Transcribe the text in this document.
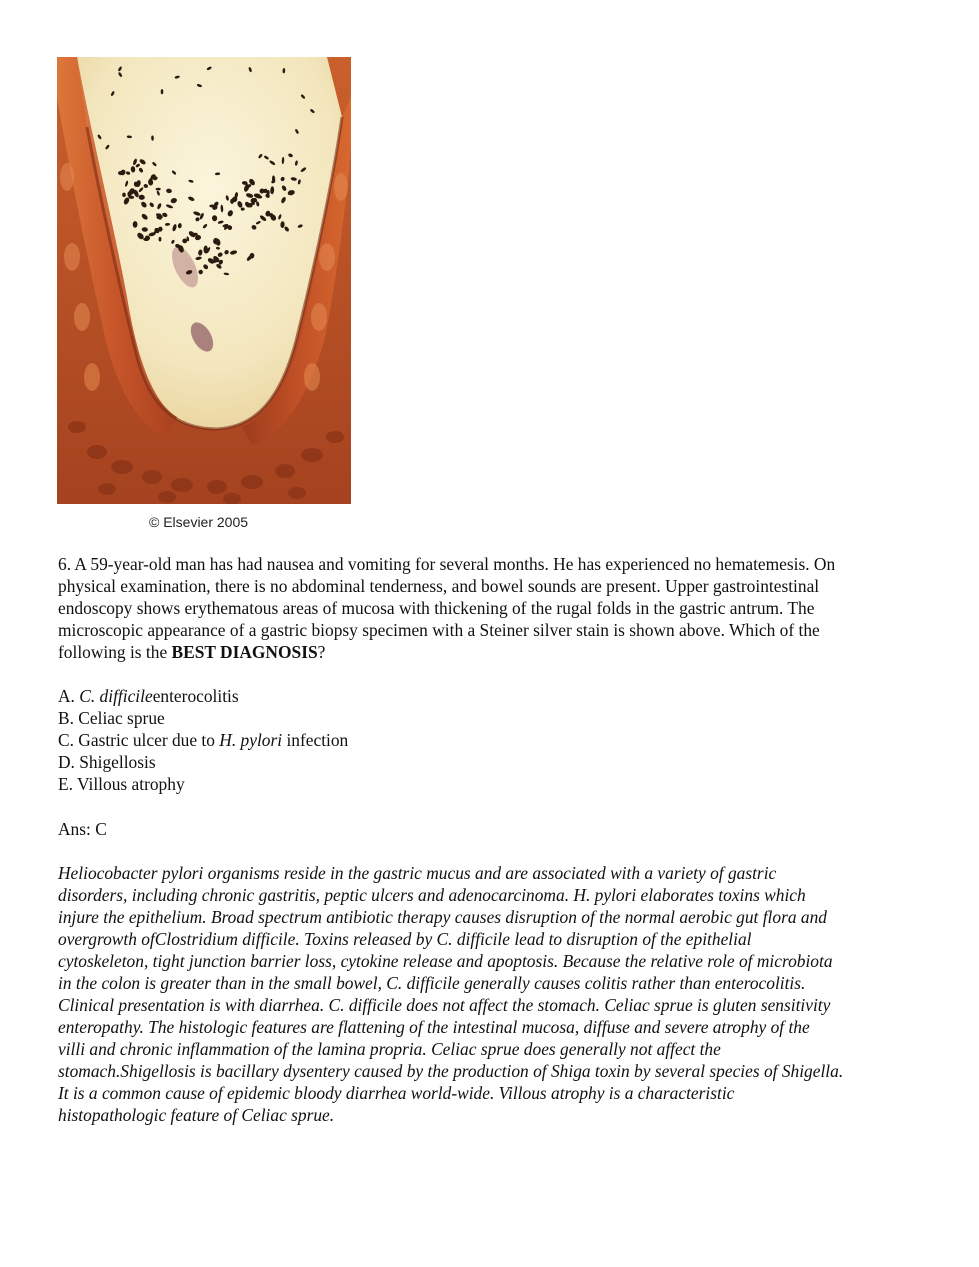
© Elsevier 2005
6. A 59-year-old man has had nausea and vomiting for several months. He has experienced no hematemesis. On
physical examination, there is no abdominal tenderness, and bowel sounds are present. Upper gastrointestinal
endoscopy shows erythematous areas of mucosa with thickening of the rugal folds in the gastric antrum. The
microscopic appearance of a gastric biopsy specimen with a Steiner silver stain is shown above. Which of the
following is the BEST DIAGNOSIS?
A. C. difficileenterocolitis
B. Celiac sprue
C. Gastric ulcer due to H. pylori infection
D. Shigellosis
E. Villous atrophy
Ans: C
Heliocobacter pylori organisms reside in the gastric mucus and are associated with a variety of gastric
disorders, including chronic gastritis, peptic ulcers and adenocarcinoma. H. pylori elaborates toxins which
injure the epithelium. Broad spectrum antibiotic therapy causes disruption of the normal aerobic gut flora and
overgrowth ofClostridium difficile. Toxins released by C. difficile lead to disruption of the epithelial
cytoskeleton, tight junction barrier loss, cytokine release and apoptosis. Because the relative role of microbiota
in the colon is greater than in the small bowel, C. difficile generally causes colitis rather than enterocolitis.
Clinical presentation is with diarrhea. C. difficile does not affect the stomach. Celiac sprue is gluten sensitivity
enteropathy. The histologic features are flattening of the intestinal mucosa, diffuse and severe atrophy of the
villi and chronic inflammation of the lamina propria. Celiac sprue does generally not affect the
stomach.Shigellosis is bacillary dysentery caused by the production of Shiga toxin by several species of Shigella.
It is a common cause of epidemic bloody diarrhea world-wide. Villous atrophy is a characteristic
histopathologic feature of Celiac sprue.
